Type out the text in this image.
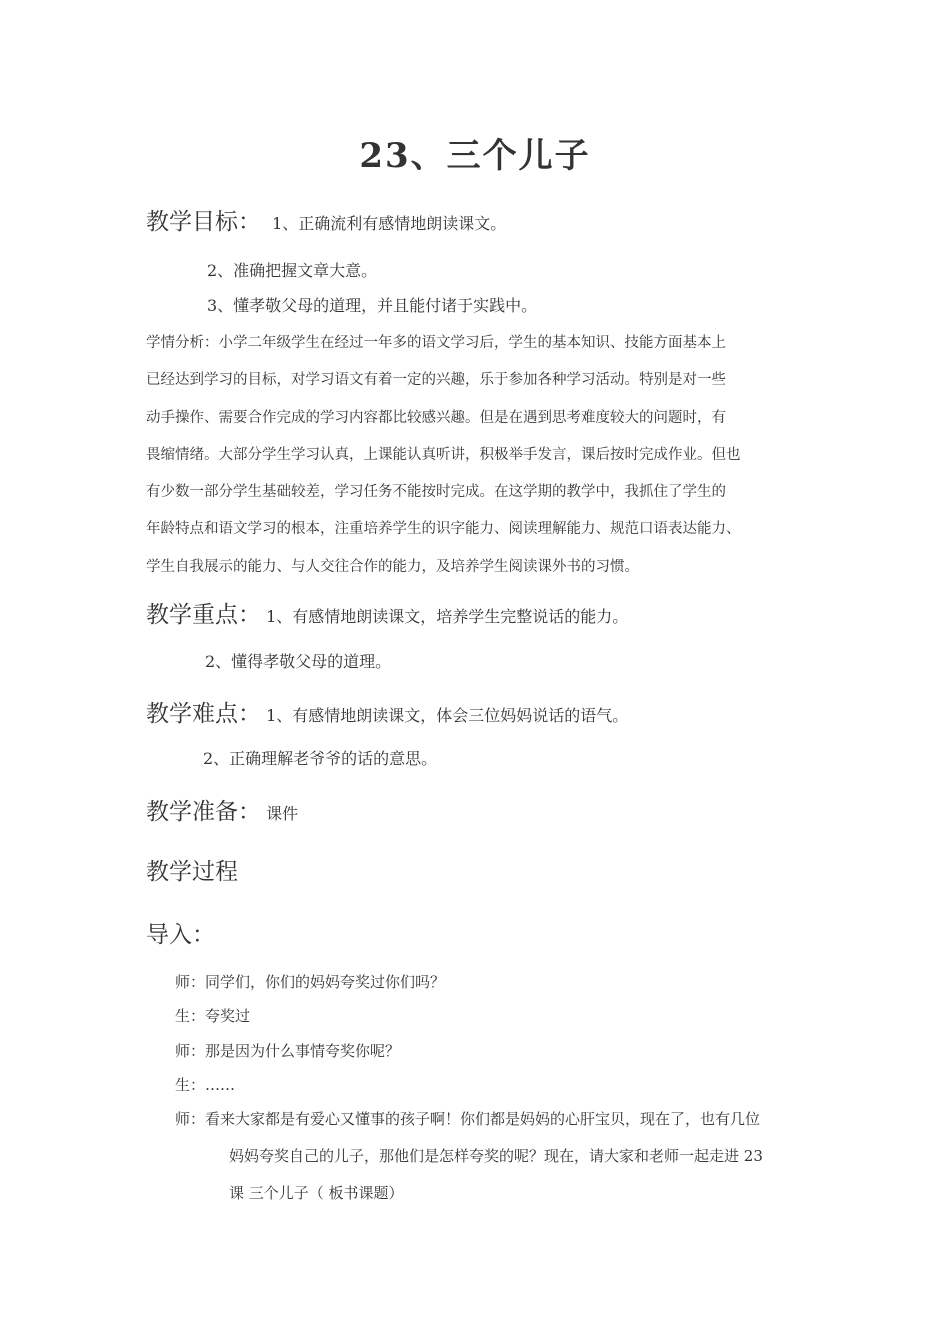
23、三个儿子
教学目标： 1、正确流利有感情地朗读课文。
2、准确把握文章大意。
3、懂孝敬父母的道理，并且能付诸于实践中。

学情分析：小学二年级学生在经过一年多的语文学习后，学生的基本知识、技能方面基本上

已经达到学习的目标，对学习语文有着一定的兴趣，乐于参加各种学习活动。特别是对一些

动手操作、需要合作完成的学习内容都比较感兴趣。但是在遇到思考难度较大的问题时，有

畏缩情绪。大部分学生学习认真，上课能认真听讲，积极举手发言，课后按时完成作业。但也

有少数一部分学生基础较差，学习任务不能按时完成。在这学期的教学中，我抓住了学生的

年龄特点和语文学习的根本，注重培养学生的识字能力、阅读理解能力、规范口语表达能力、

学生自我展示的能力、与人交往合作的能力，及培养学生阅读课外书的习惯。

教学重点： 1、有感情地朗读课文，培养学生完整说话的能力。
2、懂得孝敬父母的道理。
教学难点： 1、有感情地朗读课文，体会三位妈妈说话的语气。
2、正确理解老爷爷的话的意思。
教学准备： 课件
教学过程
导入：
师：同学们，你们的妈妈夸奖过你们吗？
生：夸奖过
师：那是因为什么事情夸奖你呢？
生：……
师：看来大家都是有爱心又懂事的孩子啊！你们都是妈妈的心肝宝贝，现在了，也有几位
妈妈夸奖自己的儿子，那他们是怎样夸奖的呢？现在，请大家和老师一起走进 23
课 三个儿子（ 板书课题）
